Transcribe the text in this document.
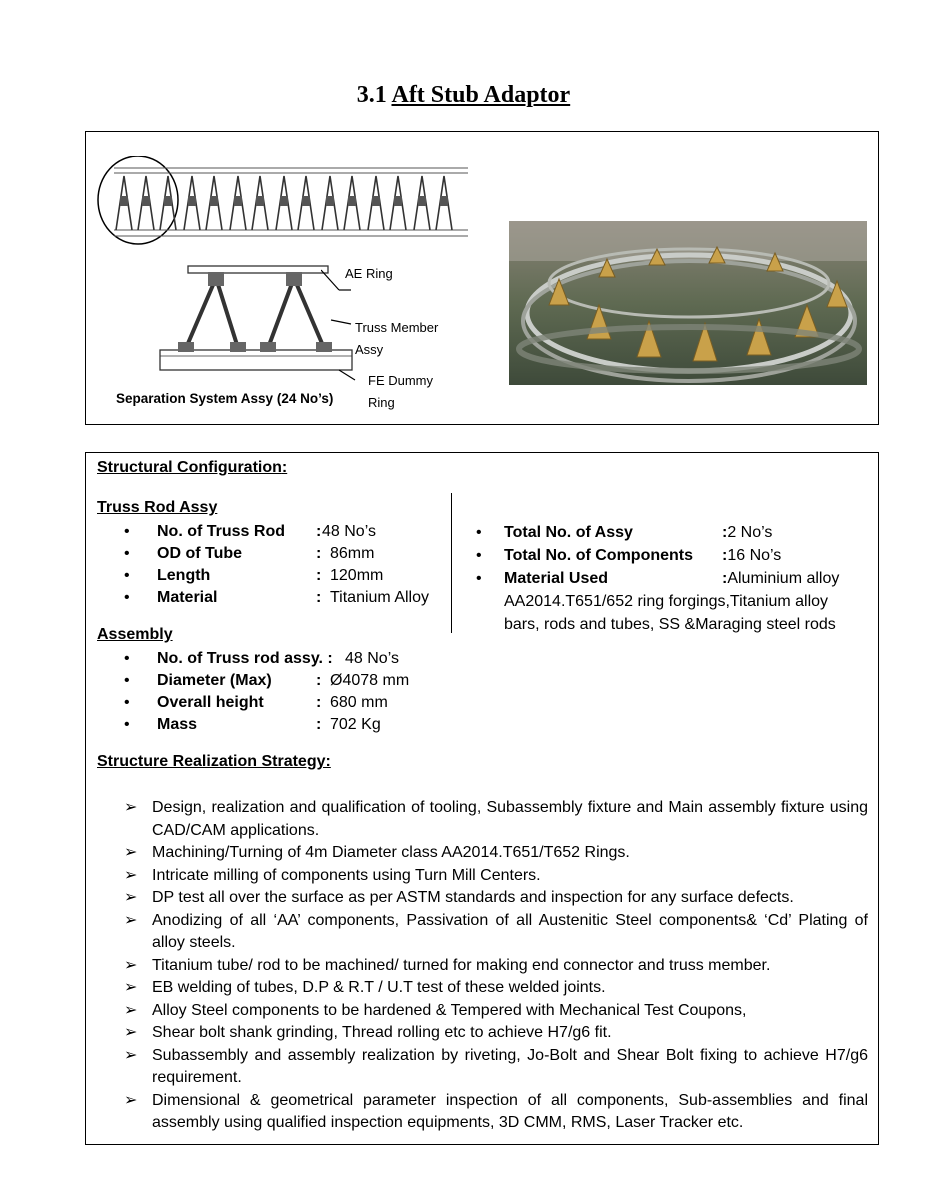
3.1 Aft Stub Adaptor
AE Ring
Truss Member
Assy
FE Dummy
Ring
Separation System Assy (24 No’s)
Structural Configuration:
Truss Rod Assy
• No. of Truss Rod : 48 No’s
• OD of Tube	: 86mm
• Length	: 120mm
• Material	: Titanium Alloy
• Total No. of Assy	:2 No’s
• Total No. of Components :16 No’s
• Material Used	:Aluminium alloy AA2014.T651/652 ring forgings,Titanium alloy bars, rods and tubes, SS &Maraging steel rods
Assembly
• No. of Truss rod assy. : 48 No’s
• Diameter (Max)	: Ø4078 mm
• Overall height	: 680 mm
• Mass	: 702 Kg
Structure Realization Strategy:
➢ Design, realization and qualification of tooling, Subassembly fixture and Main assembly fixture using CAD/CAM applications.
➢ Machining/Turning of 4m Diameter class AA2014.T651/T652 Rings.
➢ Intricate milling of components using Turn Mill Centers.
➢ DP test all over the surface as per ASTM standards and inspection for any surface defects.
➢ Anodizing of all ‘AA’ components, Passivation of all Austenitic Steel components& ‘Cd’ Plating of alloy steels.
➢ Titanium tube/ rod to be machined/ turned for making end connector and truss member.
➢ EB welding of tubes, D.P & R.T / U.T test of these welded joints.
➢ Alloy Steel components to be hardened & Tempered with Mechanical Test Coupons,
➢ Shear bolt shank grinding, Thread rolling etc to achieve H7/g6 fit.
➢ Subassembly and assembly realization by riveting, Jo-Bolt and Shear Bolt fixing to achieve H7/g6 requirement.
➢ Dimensional & geometrical parameter inspection of all components, Sub-assemblies and final assembly using qualified inspection equipments, 3D CMM, RMS, Laser Tracker etc.
